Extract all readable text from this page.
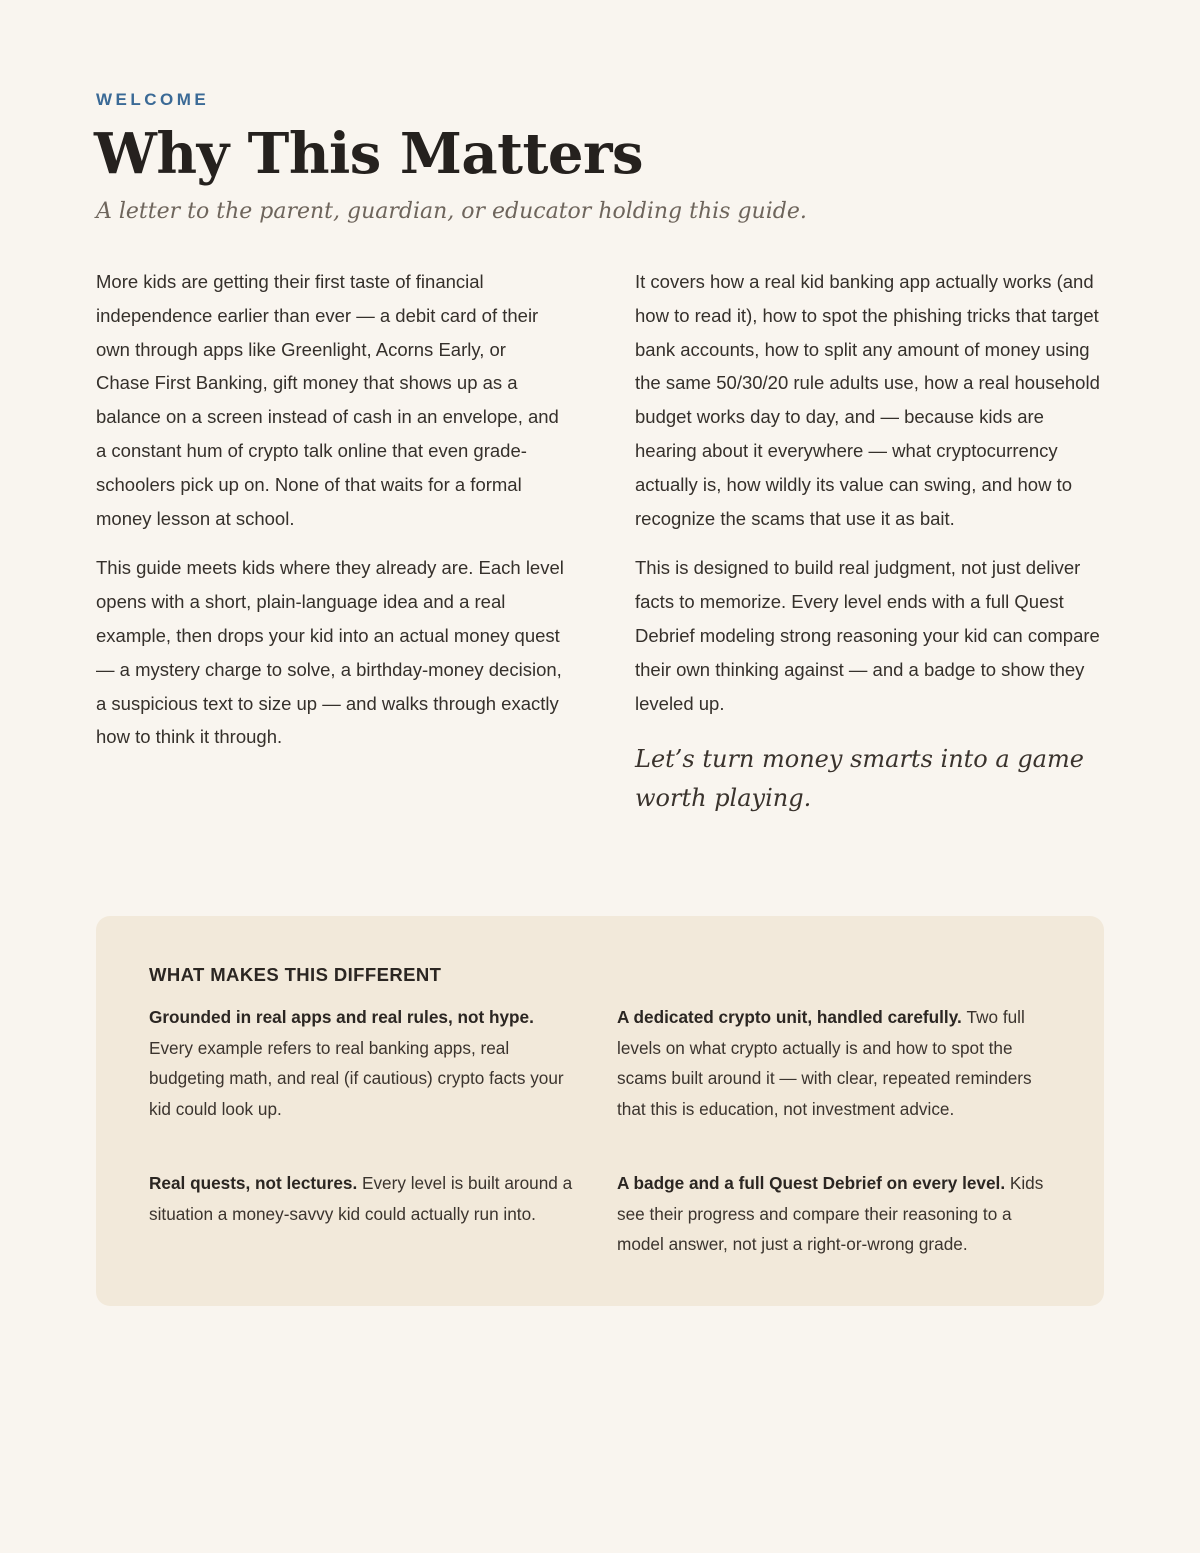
WELCOME
Why This Matters
A letter to the parent, guardian, or educator holding this guide.

More kids are getting their first taste of financial independence earlier than ever — a debit card of their own through apps like Greenlight, Acorns Early, or Chase First Banking, gift money that shows up as a balance on a screen instead of cash in an envelope, and a constant hum of crypto talk online that even grade-schoolers pick up on. None of that waits for a formal money lesson at school.

This guide meets kids where they already are. Each level opens with a short, plain-language idea and a real example, then drops your kid into an actual money quest — a mystery charge to solve, a birthday-money decision, a suspicious text to size up — and walks through exactly how to think it through.

It covers how a real kid banking app actually works (and how to read it), how to spot the phishing tricks that target bank accounts, how to split any amount of money using the same 50/30/20 rule adults use, how a real household budget works day to day, and — because kids are hearing about it everywhere — what cryptocurrency actually is, how wildly its value can swing, and how to recognize the scams that use it as bait.

This is designed to build real judgment, not just deliver facts to memorize. Every level ends with a full Quest Debrief modeling strong reasoning your kid can compare their own thinking against — and a badge to show they leveled up.

Let’s turn money smarts into a game worth playing.
WHAT MAKES THIS DIFFERENT
Grounded in real apps and real rules, not hype. Every example refers to real banking apps, real budgeting math, and real (if cautious) crypto facts your kid could look up.
A dedicated crypto unit, handled carefully. Two full levels on what crypto actually is and how to spot the scams built around it — with clear, repeated reminders that this is education, not investment advice.
Real quests, not lectures. Every level is built around a situation a money-savvy kid could actually run into.
A badge and a full Quest Debrief on every level. Kids see their progress and compare their reasoning to a model answer, not just a right-or-wrong grade.
